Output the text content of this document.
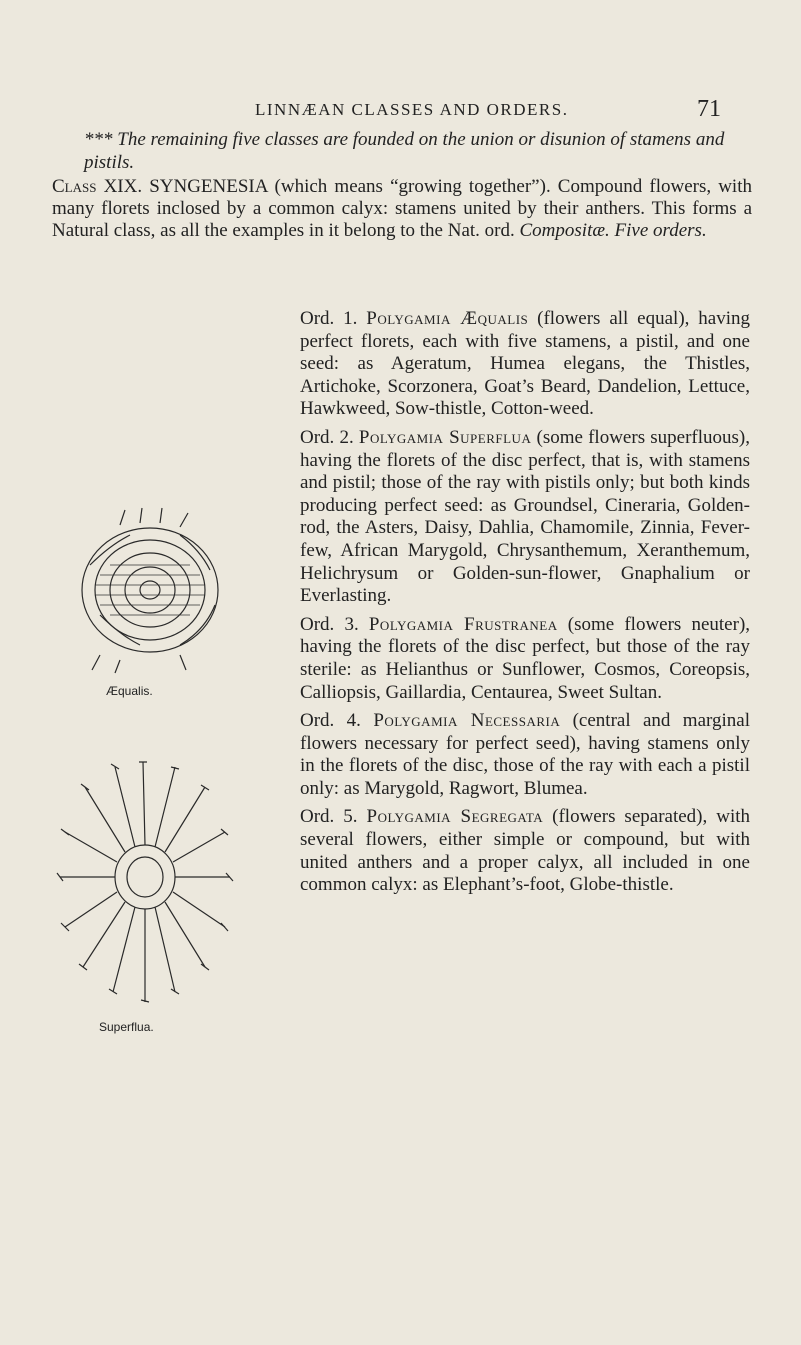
LINNÆAN CLASSES AND ORDERS.	71
*** The remaining five classes are founded on the union or disunion of stamens and pistils.
Class XIX. SYNGENESIA (which means “growing together”). Compound flowers, with many florets inclosed by a common calyx: stamens united by their anthers. This forms a Natural class, as all the examples in it belong to the Nat. ord. Compositæ. Five orders.
Æqualis.
Superflua.

Ord. 1. Polygamia Æqualis (flowers all equal), having perfect florets, each with five stamens, a pistil, and one seed: as Ageratum, Humea elegans, the Thistles, Artichoke, Scorzonera, Goat’s Beard, Dandelion, Lettuce, Hawkweed, Sow-thistle, Cotton-weed.

Ord. 2. Polygamia Superflua (some flowers superfluous), having the florets of the disc perfect, that is, with stamens and pistil; those of the ray with pistils only; but both kinds producing perfect seed: as Groundsel, Cineraria, Golden-rod, the Asters, Daisy, Dahlia, Chamomile, Zinnia, Fever-few, African Marygold, Chrysanthemum, Xeranthemum, Helichrysum or Golden-sun-flower, Gnaphalium or Everlasting.

Ord. 3. Polygamia Frustranea (some flowers neuter), having the florets of the disc perfect, but those of the ray sterile: as Helianthus or Sunflower, Cosmos, Coreopsis, Calliopsis, Gaillardia, Centaurea, Sweet Sultan.

Ord. 4. Polygamia Necessaria (central and marginal flowers necessary for perfect seed), having stamens only in the florets of the disc, those of the ray with each a pistil only: as Marygold, Ragwort, Blumea.

Ord. 5. Polygamia Segregata (flowers separated), with several flowers, either simple or compound, but with united anthers and a proper calyx, all included in one common calyx: as Elephant’s-foot, Globe-thistle.
